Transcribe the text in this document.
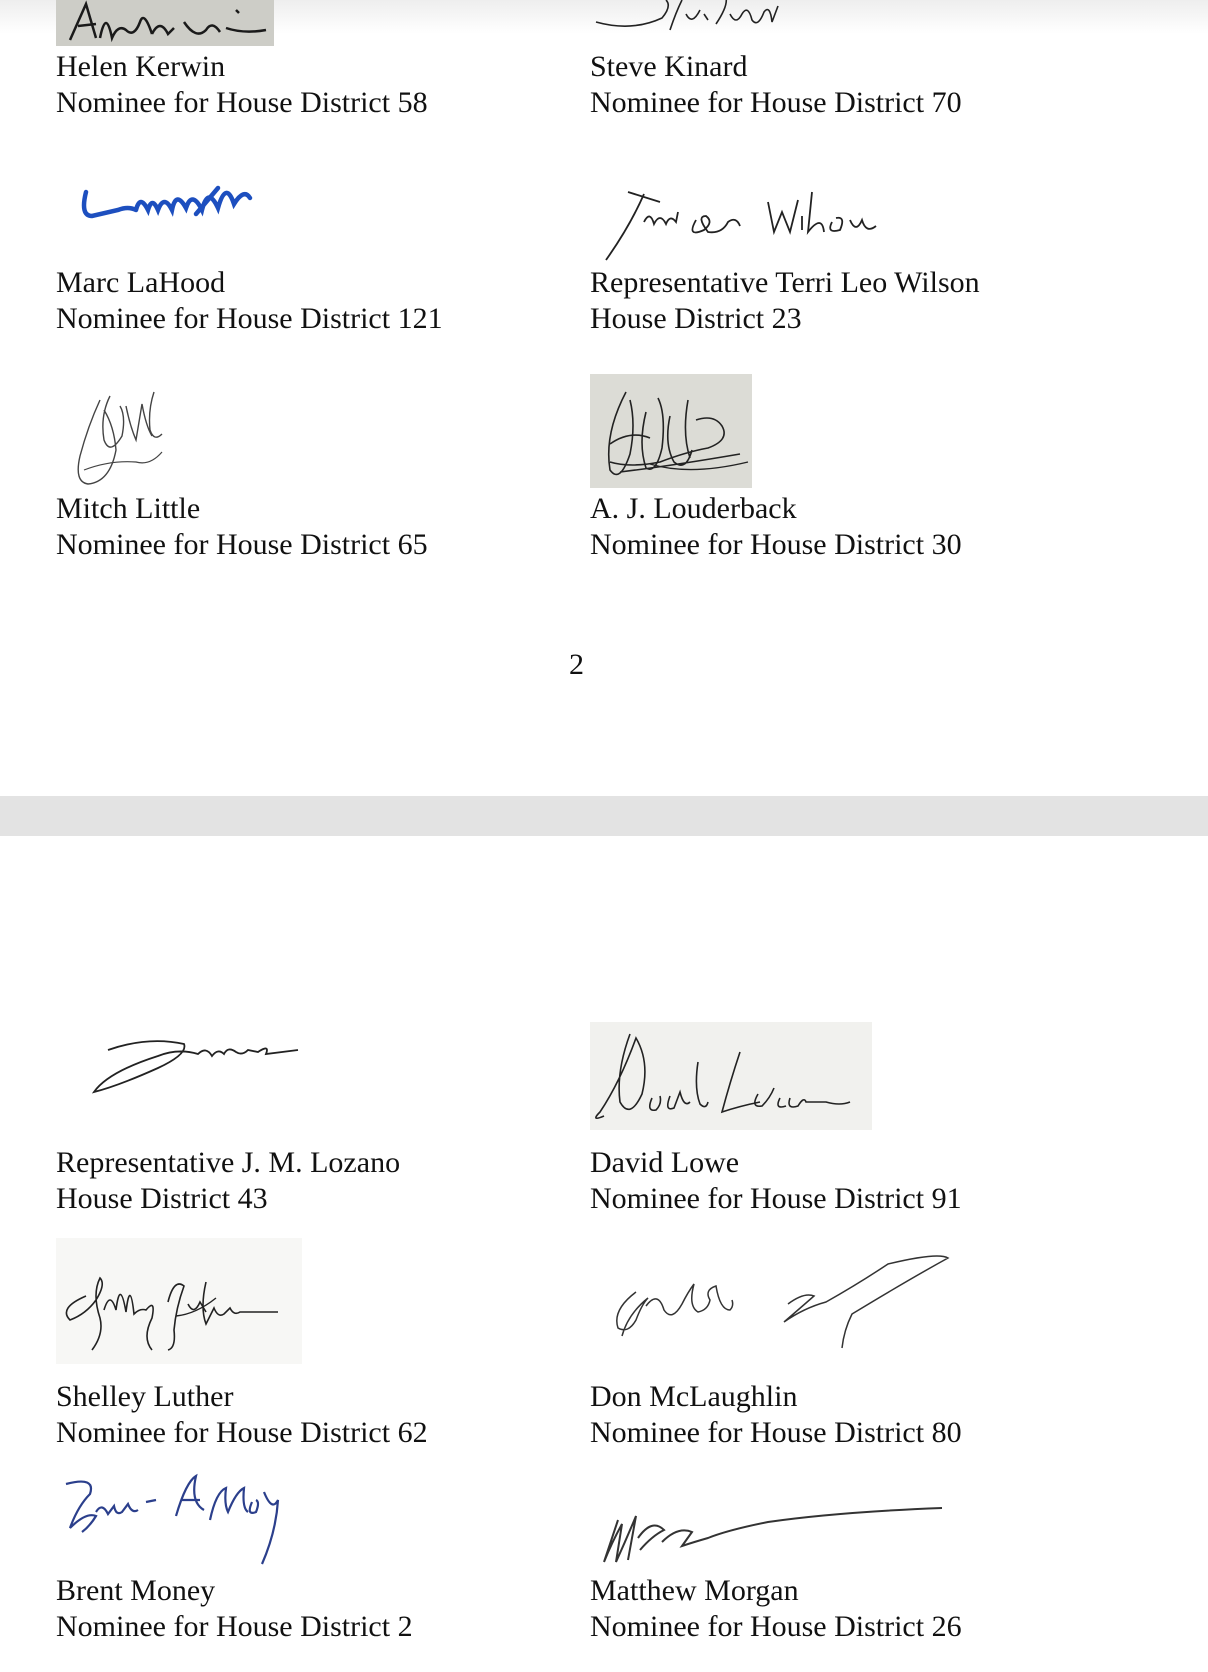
Helen Kerwin
Nominee for House District 58
Steve Kinard
Nominee for House District 70
Marc LaHood
Nominee for House District 121
Representative Terri Leo Wilson
House District 23
Mitch Little
Nominee for House District 65
A. J. Louderback
Nominee for House District 30
2
Representative J. M. Lozano
House District 43
David Lowe
Nominee for House District 91
Shelley Luther
Nominee for House District 62
Don McLaughlin
Nominee for House District 80
Brent Money
Nominee for House District 2
Matthew Morgan
Nominee for House District 26
